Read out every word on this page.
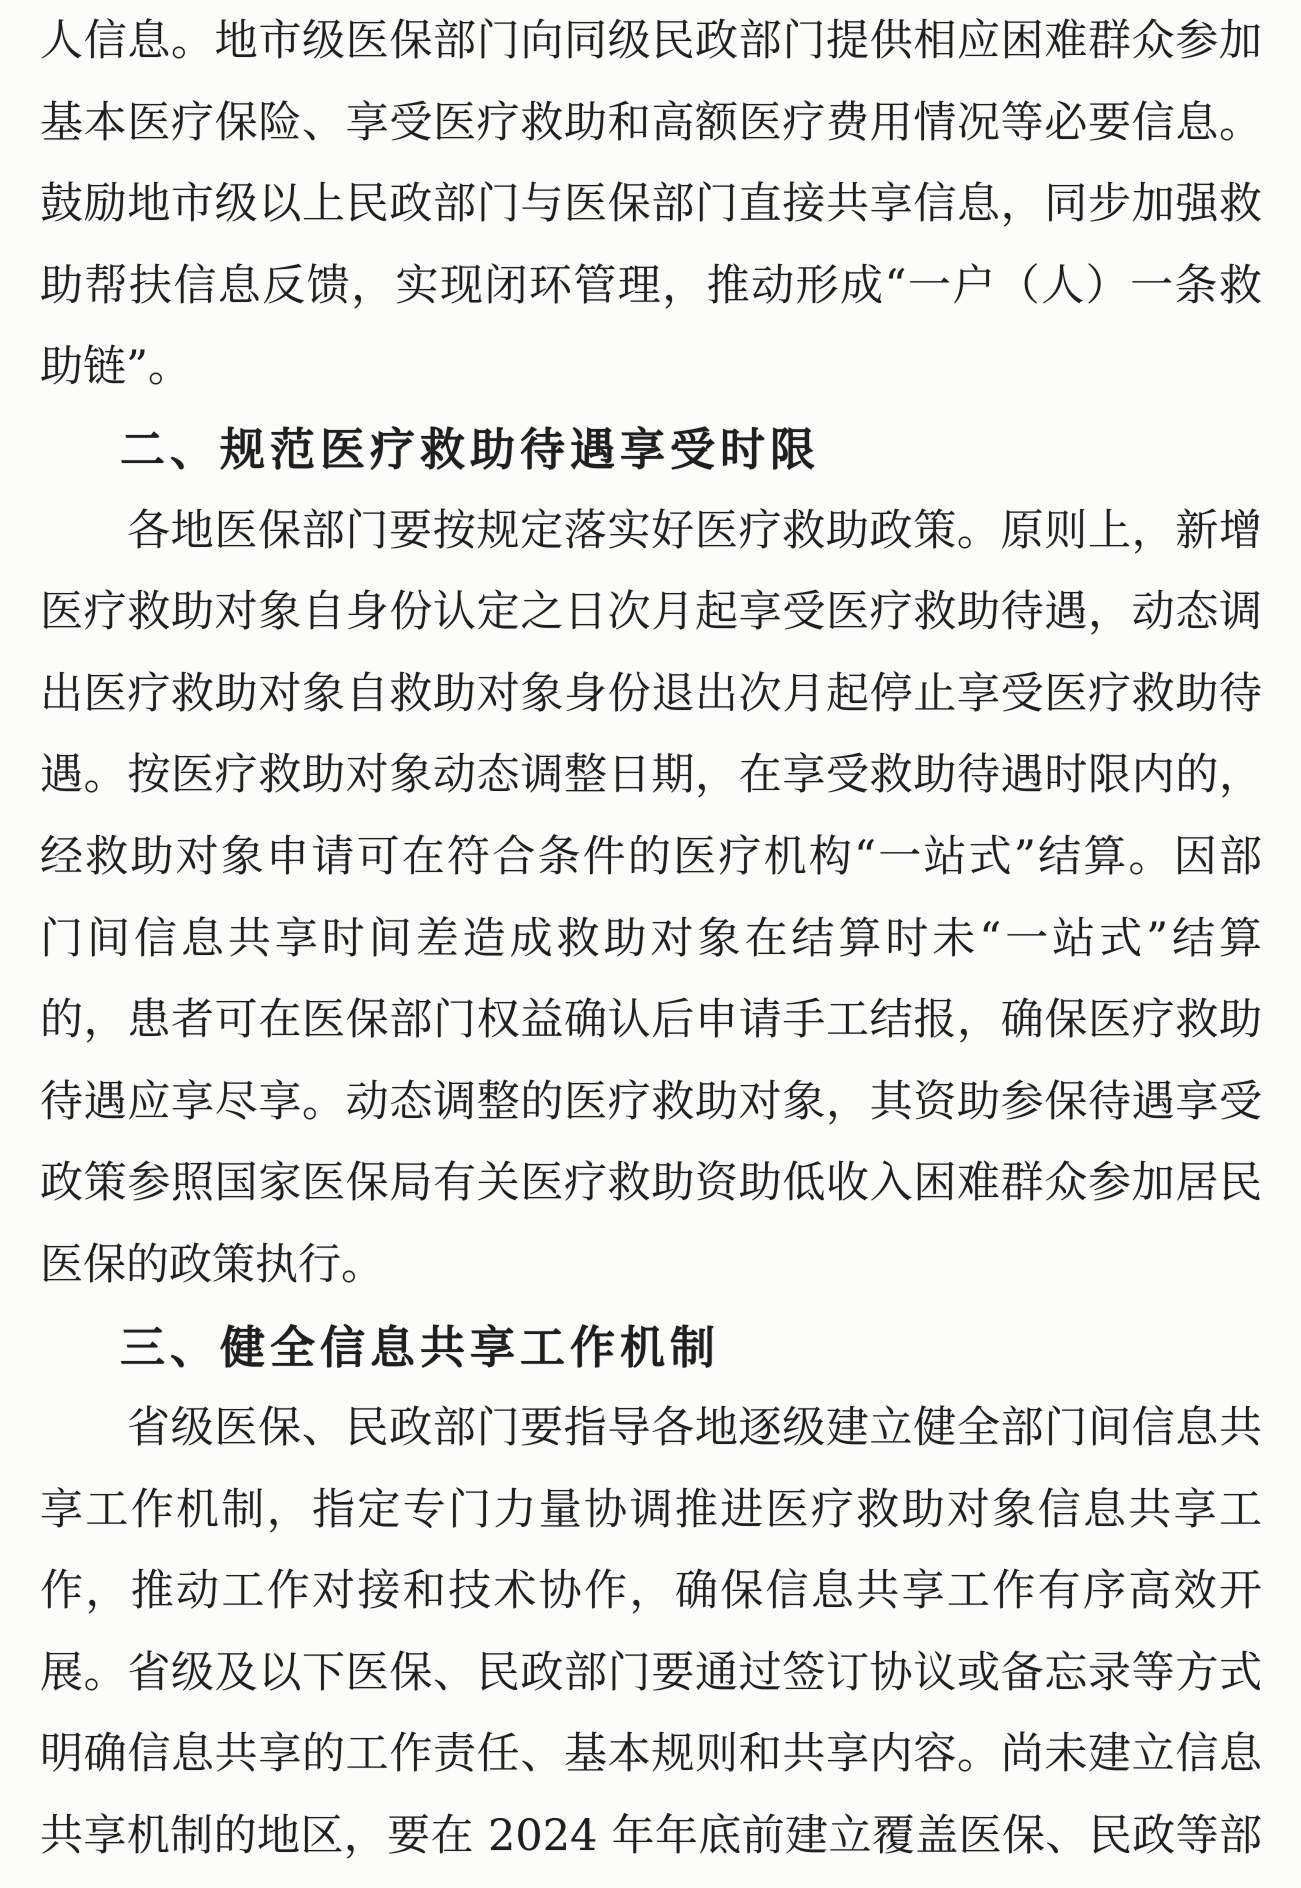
人信息。地市级医保部门向同级民政部门提供相应困难群众参加
基本医疗保险、享受医疗救助和高额医疗费用情况等必要信息。
鼓励地市级以上民政部门与医保部门直接共享信息，同步加强救
助帮扶信息反馈，实现闭环管理，推动形成“一户（人）一条救
助链”。
二、规范医疗救助待遇享受时限
各地医保部门要按规定落实好医疗救助政策。原则上，新增
医疗救助对象自身份认定之日次月起享受医疗救助待遇，动态调
出医疗救助对象自救助对象身份退出次月起停止享受医疗救助待
遇。按医疗救助对象动态调整日期，在享受救助待遇时限内的，
经救助对象申请可在符合条件的医疗机构“一站式”结算。因部
门间信息共享时间差造成救助对象在结算时未“一站式”结算
的，患者可在医保部门权益确认后申请手工结报，确保医疗救助
待遇应享尽享。动态调整的医疗救助对象，其资助参保待遇享受
政策参照国家医保局有关医疗救助资助低收入困难群众参加居民
医保的政策执行。
三、健全信息共享工作机制
省级医保、民政部门要指导各地逐级建立健全部门间信息共
享工作机制，指定专门力量协调推进医疗救助对象信息共享工
作，推动工作对接和技术协作，确保信息共享工作有序高效开
展。省级及以下医保、民政部门要通过签订协议或备忘录等方式
明确信息共享的工作责任、基本规则和共享内容。尚未建立信息
共享机制的地区，要在 2024 年年底前建立覆盖医保、民政等部
